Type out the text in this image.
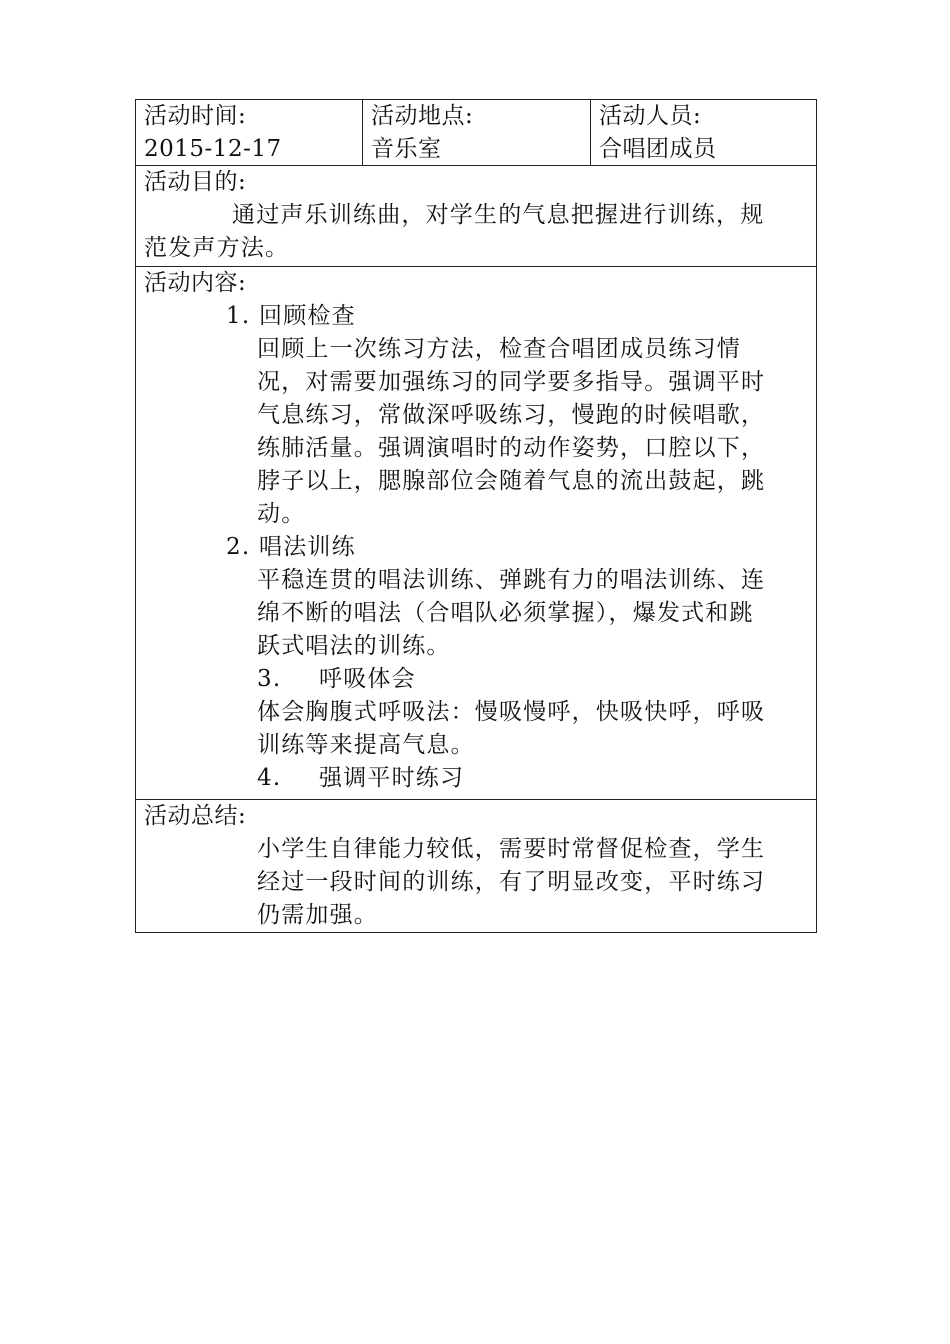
活动时间:

2015-12-17

活动地点:

音乐室

活动人员:

合唱团成员

活动目的:

通过声乐训练曲，对学生的气息把握进行训练，规

范发声方法。

活动内容:

1. 回顾检查

回顾上一次练习方法，检查合唱团成员练习情

况，对需要加强练习的同学要多指导。强调平时

气息练习，常做深呼吸练习，慢跑的时候唱歌，

练肺活量。强调演唱时的动作姿势，口腔以下，

脖子以上，腮腺部位会随着气息的流出鼓起，跳

动。

2. 唱法训练

平稳连贯的唱法训练、弹跳有力的唱法训练、连

绵不断的唱法（合唱队必须掌握），爆发式和跳

跃式唱法的训练。

3. 呼吸体会

体会胸腹式呼吸法：慢吸慢呼，快吸快呼，呼吸

训练等来提高气息。

4. 强调平时练习

活动总结:

小学生自律能力较低，需要时常督促检查，学生

经过一段时间的训练，有了明显改变，平时练习

仍需加强。
